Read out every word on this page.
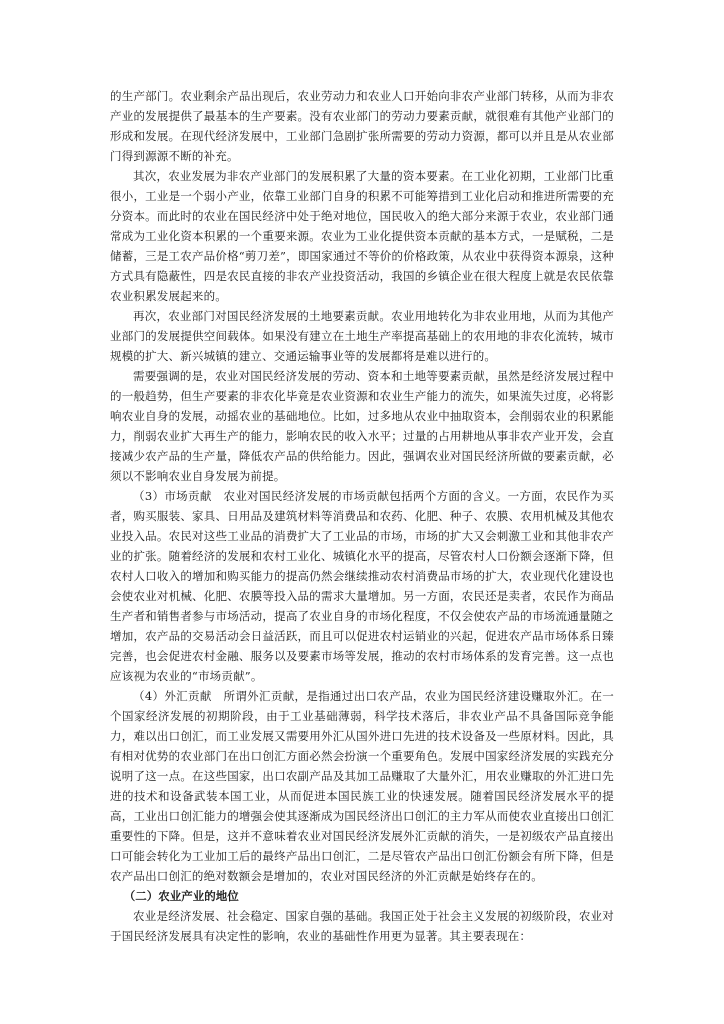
的生产部门。农业剩余产品出现后，农业劳动力和农业人口开始向非农产业部门转移，从而为非农产业的发展提供了最基本的生产要素。没有农业部门的劳动力要素贡献，就很难有其他产业部门的形成和发展。在现代经济发展中，工业部门急剧扩张所需要的劳动力资源，都可以并且是从农业部门得到源源不断的补充。

其次，农业发展为非农产业部门的发展积累了大量的资本要素。在工业化初期，工业部门比重很小，工业是一个弱小产业，依靠工业部门自身的积累不可能筹措到工业化启动和推进所需要的充分资本。而此时的农业在国民经济中处于绝对地位，国民收入的绝大部分来源于农业，农业部门通常成为工业化资本积累的一个重要来源。农业为工业化提供资本贡献的基本方式，一是赋税，二是储蓄，三是工农产品价格“剪刀差”，即国家通过不等价的价格政策，从农业中获得资本源泉，这种方式具有隐蔽性，四是农民直接的非农产业投资活动，我国的乡镇企业在很大程度上就是农民依靠农业积累发展起来的。

再次，农业部门对国民经济发展的土地要素贡献。农业用地转化为非农业用地，从而为其他产业部门的发展提供空间载体。如果没有建立在土地生产率提高基础上的农用地的非农化流转，城市规模的扩大、新兴城镇的建立、交通运输事业等的发展都将是难以进行的。

需要强调的是，农业对国民经济发展的劳动、资本和土地等要素贡献，虽然是经济发展过程中的一般趋势，但生产要素的非农化毕竟是农业资源和农业生产能力的流失，如果流失过度，必将影响农业自身的发展，动摇农业的基础地位。比如，过多地从农业中抽取资本，会削弱农业的积累能力，削弱农业扩大再生产的能力，影响农民的收入水平；过量的占用耕地从事非农产业开发，会直接减少农产品的生产量，降低农产品的供给能力。因此，强调农业对国民经济所做的要素贡献，必须以不影响农业自身发展为前提。

（3）市场贡献　农业对国民经济发展的市场贡献包括两个方面的含义。一方面，农民作为买者，购买服装、家具、日用品及建筑材料等消费品和农药、化肥、种子、农膜、农用机械及其他农业投入品。农民对这些工业品的消费扩大了工业品的市场，市场的扩大又会刺激工业和其他非农产业的扩张。随着经济的发展和农村工业化、城镇化水平的提高，尽管农村人口份额会逐渐下降，但农村人口收入的增加和购买能力的提高仍然会继续推动农村消费品市场的扩大，农业现代化建设也会使农业对机械、化肥、农膜等投入品的需求大量增加。另一方面，农民还是卖者，农民作为商品生产者和销售者参与市场活动，提高了农业自身的市场化程度，不仅会使农产品的市场流通量随之增加，农产品的交易活动会日益活跃，而且可以促进农村运销业的兴起，促进农产品市场体系日臻完善，也会促进农村金融、服务以及要素市场等发展，推动的农村市场体系的发育完善。这一点也应该视为农业的“市场贡献”。

（4）外汇贡献　所谓外汇贡献，是指通过出口农产品，农业为国民经济建设赚取外汇。在一个国家经济发展的初期阶段，由于工业基础薄弱，科学技术落后，非农业产品不具备国际竞争能力，难以出口创汇，而工业发展又需要用外汇从国外进口先进的技术设备及一些原材料。因此，具有相对优势的农业部门在出口创汇方面必然会扮演一个重要角色。发展中国家经济发展的实践充分说明了这一点。在这些国家，出口农副产品及其加工品赚取了大量外汇，用农业赚取的外汇进口先进的技术和设备武装本国工业，从而促进本国民族工业的快速发展。随着国民经济发展水平的提高，工业出口创汇能力的增强会使其逐渐成为国民经济出口创汇的主力军从而使农业直接出口创汇重要性的下降。但是，这并不意味着农业对国民经济发展外汇贡献的消失，一是初级农产品直接出口可能会转化为工业加工后的最终产品出口创汇，二是尽管农产品出口创汇份额会有所下降，但是农产品出口创汇的绝对数额会是增加的，农业对国民经济的外汇贡献是始终存在的。

（二）农业产业的地位

农业是经济发展、社会稳定、国家自强的基础。我国正处于社会主义发展的初级阶段，农业对于国民经济发展具有决定性的影响，农业的基础性作用更为显著。其主要表现在：
